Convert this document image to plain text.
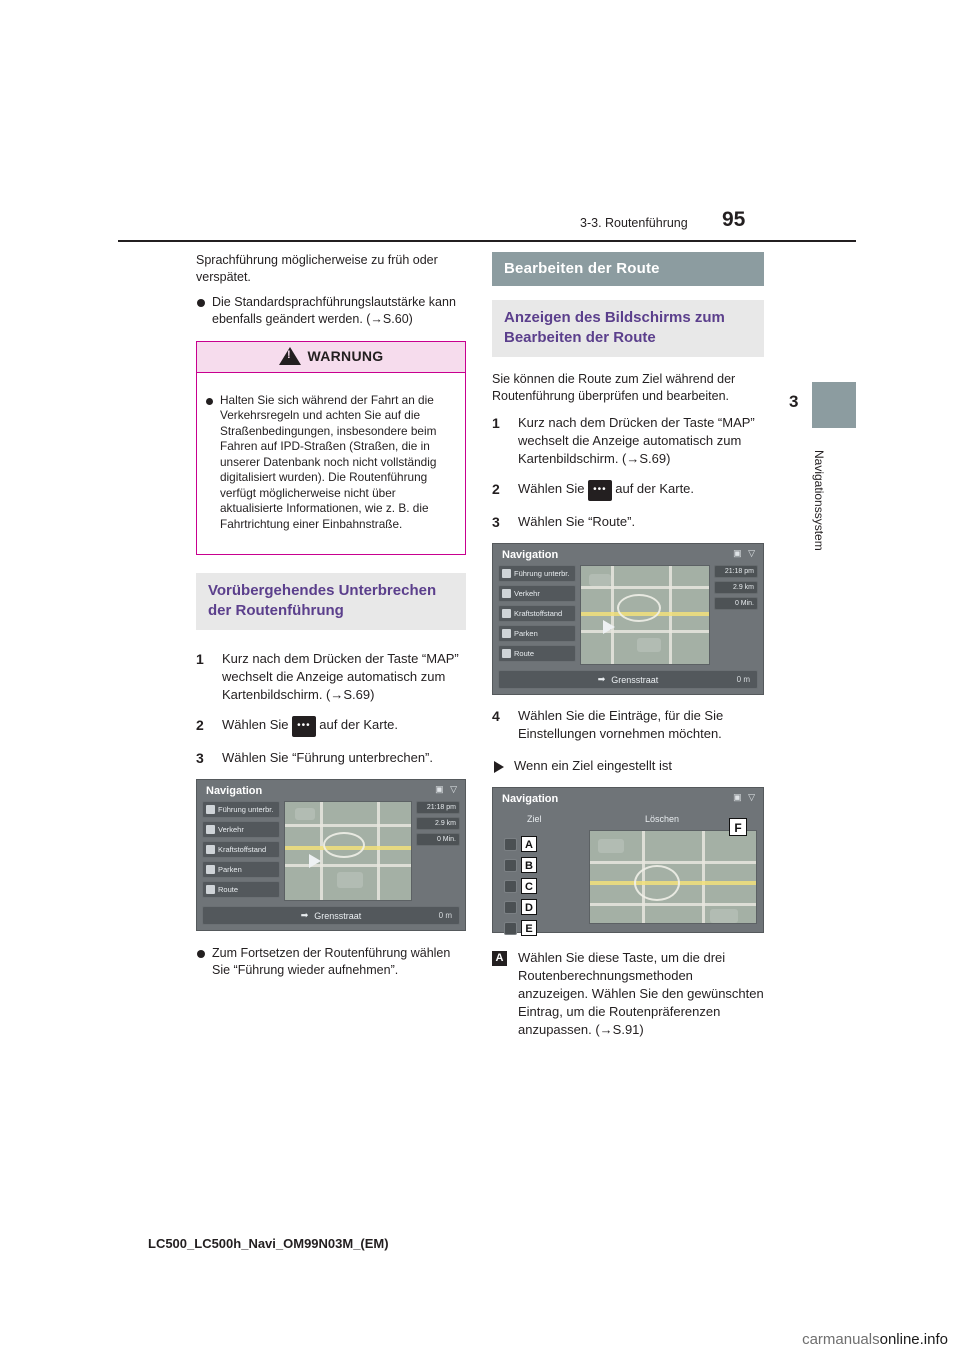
95
3-3. Routenführung
3
Navigationssystem

Sprachführung möglicherweise zu früh oder verspätet.

Die Standardsprachführungslautstärke kann ebenfalls geändert werden. (→S.60)

!WARNUNG

Halten Sie sich während der Fahrt an die Verkehrsregeln und achten Sie auf die Straßenbedingungen, insbesondere beim Fahren auf IPD-Straßen (Straßen, die in unserer Datenbank noch nicht vollständig digitalisiert wurden). Die Routenführung verfügt möglicherweise nicht über aktualisierte Informationen, wie z. B. die Fahrtrichtung einer Einbahnstraße.

Vorübergehendes Unterbrechen der Routenführung
1 Kurz nach dem Drücken der Taste “MAP” wechselt die Anzeige automatisch zum Kartenbildschirm. (→S.69)
2 Wählen Sie ••• auf der Karte.
3 Wählen Sie “Führung unterbrechen”.
Navigation	▣ ▽
Führung unterbr.
Verkehr
Kraftstoffstand
Parken
Route
21:18 pm
2.9 km
0 Min.
➡ Grensstraat	0 m

Zum Fortsetzen der Routenführung wählen Sie “Führung wieder aufnehmen”.

Bearbeiten der Route
Anzeigen des Bildschirms zum Bearbeiten der Route

Sie können die Route zum Ziel während der Routenführung überprüfen und bearbeiten.

1 Kurz nach dem Drücken der Taste “MAP” wechselt die Anzeige automatisch zum Kartenbildschirm. (→S.69)
2 Wählen Sie ••• auf der Karte.
3 Wählen Sie “Route”.
Navigation	▣ ▽
Führung unterbr.
Verkehr
Kraftstoffstand
Parken
Route
21:18 pm
2.9 km
0 Min.
➡ Grensstraat	0 m
4 Wählen Sie die Einträge, für die Sie Einstellungen vornehmen möchten.

Wenn ein Ziel eingestellt ist

Navigation	▣ ▽
Ziel	Löschen
A
B
C
D
E
F
A Wählen Sie diese Taste, um die drei Routenberechnungsmethoden anzuzeigen. Wählen Sie den gewünschten Eintrag, um die Routenpräferenzen anzupassen. (→S.91)
LC500_LC500h_Navi_OM99N03M_(EM)
carmanualsonline.info
